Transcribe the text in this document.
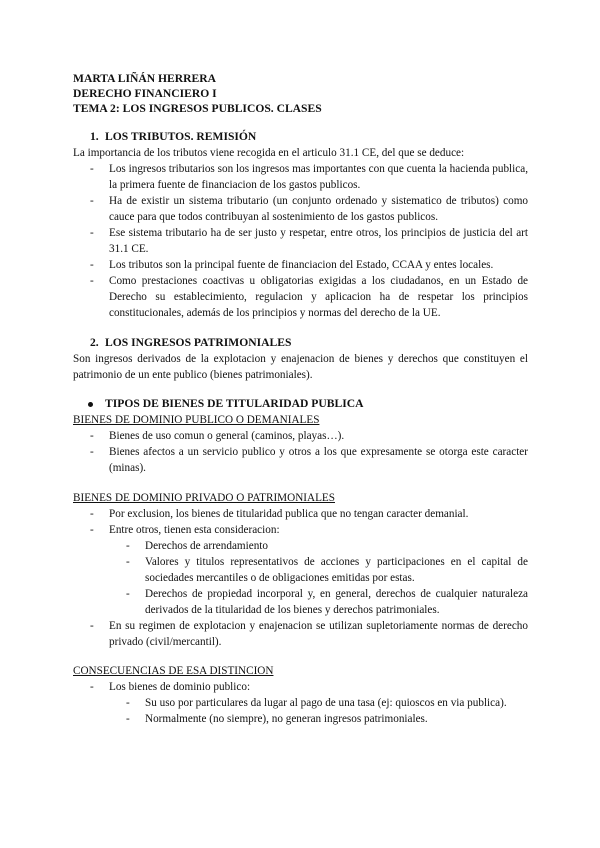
MARTA LIÑÁN HERRERA
DERECHO FINANCIERO I
TEMA 2: LOS INGRESOS PUBLICOS. CLASES
1. LOS TRIBUTOS. REMISIÓN

La importancia de los tributos viene recogida en el articulo 31.1 CE, del que se deduce:

- Los ingresos tributarios son los ingresos mas importantes con que cuenta la hacienda publica, la primera fuente de financiacion de los gastos publicos.
- Ha de existir un sistema tributario (un conjunto ordenado y sistematico de tributos) como cauce para que todos contribuyan al sostenimiento de los gastos publicos.
- Ese sistema tributario ha de ser justo y respetar, entre otros, los principios de justicia del art 31.1 CE.
- Los tributos son la principal fuente de financiacion del Estado, CCAA y entes locales.
- Como prestaciones coactivas u obligatorias exigidas a los ciudadanos, en un Estado de Derecho su establecimiento, regulacion y aplicacion ha de respetar los principios constitucionales, además de los principios y normas del derecho de la UE.
2. LOS INGRESOS PATRIMONIALES

Son ingresos derivados de la explotacion y enajenacion de bienes y derechos que constituyen el patrimonio de un ente publico (bienes patrimoniales).

TIPOS DE BIENES DE TITULARIDAD PUBLICA
BIENES DE DOMINIO PUBLICO O DEMANIALES
- Bienes de uso comun o general (caminos, playas…).
- Bienes afectos a un servicio publico y otros a los que expresamente se otorga este caracter (minas).
BIENES DE DOMINIO PRIVADO O PATRIMONIALES
- Por exclusion, los bienes de titularidad publica que no tengan caracter demanial.
- Entre otros, tienen esta consideracion:
- Derechos de arrendamiento
- Valores y titulos representativos de acciones y participaciones en el capital de sociedades mercantiles o de obligaciones emitidas por estas.
- Derechos de propiedad incorporal y, en general, derechos de cualquier naturaleza derivados de la titularidad de los bienes y derechos patrimoniales.
- En su regimen de explotacion y enajenacion se utilizan supletoriamente normas de derecho privado (civil/mercantil).
CONSECUENCIAS DE ESA DISTINCION
- Los bienes de dominio publico:
- Su uso por particulares da lugar al pago de una tasa (ej: quioscos en via publica).
- Normalmente (no siempre), no generan ingresos patrimoniales.
